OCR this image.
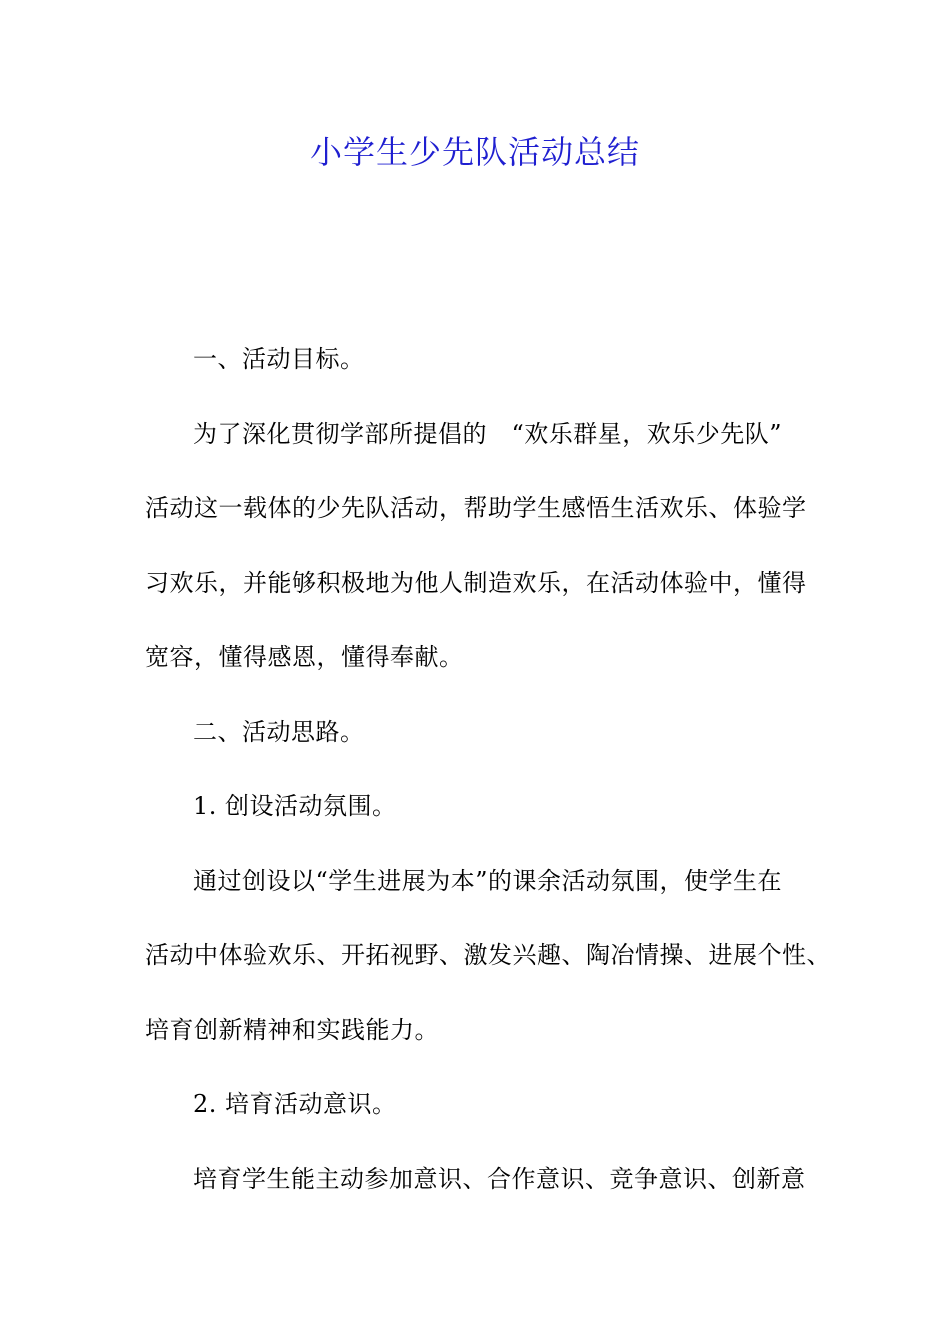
小学生少先队活动总结
一、活动目标。
为了深化贯彻学部所提倡的　“欢乐群星，欢乐少先队”
活动这一载体的少先队活动，帮助学生感悟生活欢乐、体验学
习欢乐，并能够积极地为他人制造欢乐，在活动体验中，懂得
宽容，懂得感恩，懂得奉献。
二、活动思路。
1. 创设活动氛围。
通过创设以“学生进展为本”的课余活动氛围，使学生在
活动中体验欢乐、开拓视野、激发兴趣、陶冶情操、进展个性、
培育创新精神和实践能力。
2. 培育活动意识。
培育学生能主动参加意识、合作意识、竞争意识、创新意
